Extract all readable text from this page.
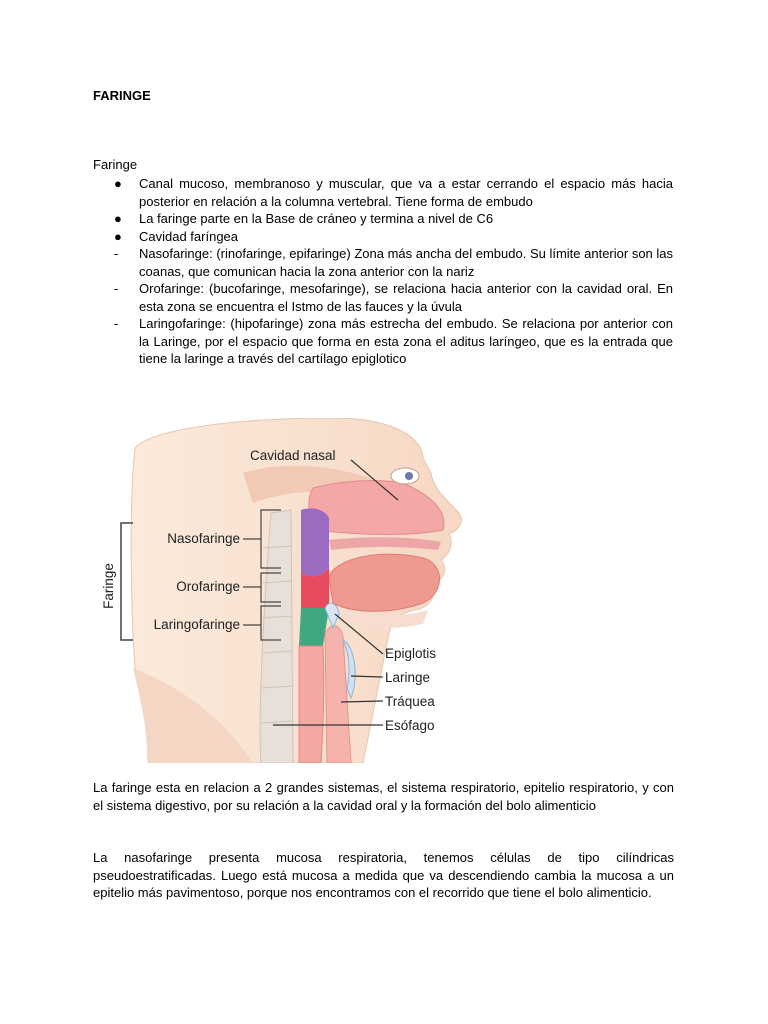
FARINGE
Faringe
●	Canal mucoso, membranoso y muscular, que va a estar cerrando el espacio más hacia posterior en relación a la columna vertebral. Tiene forma de embudo
●	La faringe parte en la Base de cráneo y termina a nivel de C6
●	Cavidad faríngea
-	Nasofaringe: (rinofaringe, epifaringe) Zona más ancha del embudo. Su límite anterior son las coanas, que comunican hacia la zona anterior con la nariz
-	Orofaringe: (bucofaringe, mesofaringe), se relaciona hacia anterior con la cavidad oral. En esta zona se encuentra el Istmo de las fauces y la úvula
-	Laringofaringe: (hipofaringe) zona más estrecha del embudo. Se relaciona por anterior con la Laringe, por el espacio que forma en esta zona el aditus laríngeo, que es la entrada que tiene la laringe a través del cartílago epiglotico
Faringe
Nasofaringe
Orofaringe
Laringofaringe
Cavidad nasal
Epiglotis
Laringe
Tráquea
Esófago

La faringe esta en relacion a 2 grandes sistemas, el sistema respiratorio, epitelio respiratorio, y con el sistema digestivo, por su relación a la cavidad oral y la formación del bolo alimenticio

La nasofaringe presenta mucosa respiratoria, tenemos células de tipo cilíndricas pseudoestratificadas. Luego está mucosa a medida que va descendiendo cambia la mucosa a un epitelio más pavimentoso, porque nos encontramos con el recorrido que tiene el bolo alimenticio.
